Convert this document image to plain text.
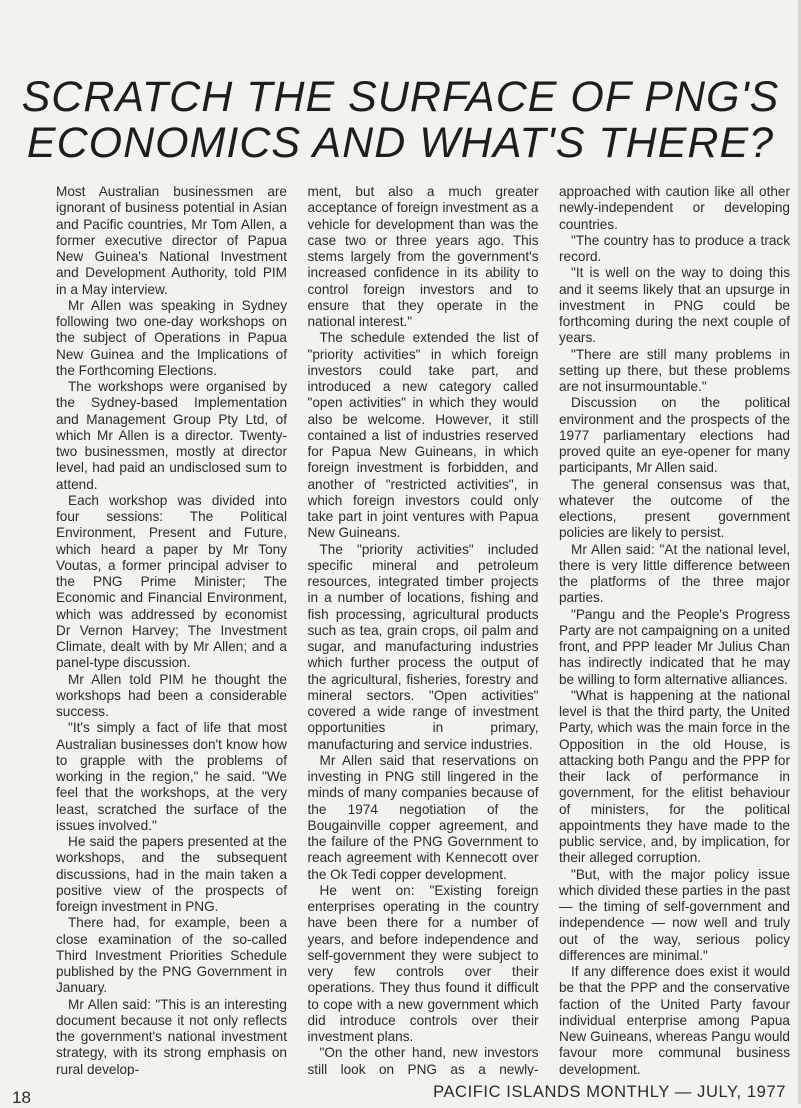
SCRATCH THE SURFACE OF PNG'S
ECONOMICS AND WHAT'S THERE?

Most Australian businessmen are ignorant of business potential in Asian and Pacific countries, Mr Tom Allen, a former executive director of Papua New Guinea's National Investment and Development Authority, told PIM in a May interview.

Mr Allen was speaking in Sydney following two one-day workshops on the subject of Operations in Papua New Guinea and the Implications of the Forthcoming Elections.

The workshops were organised by the Sydney-based Implementation and Management Group Pty Ltd, of which Mr Allen is a director. Twenty-two businessmen, mostly at director level, had paid an undisclosed sum to attend.

Each workshop was divided into four sessions: The Political Environment, Present and Future, which heard a paper by Mr Tony Voutas, a former principal adviser to the PNG Prime Minister; The Economic and Financial Environment, which was addressed by economist Dr Vernon Harvey; The Investment Climate, dealt with by Mr Allen; and a panel-type discussion.

Mr Allen told PIM he thought the workshops had been a considerable success.

"It's simply a fact of life that most Australian businesses don't know how to grapple with the problems of working in the region," he said. "We feel that the workshops, at the very least, scratched the surface of the issues involved."

He said the papers presented at the workshops, and the subsequent discussions, had in the main taken a positive view of the prospects of foreign investment in PNG.

There had, for example, been a close examination of the so-called Third Investment Priorities Schedule published by the PNG Government in January.

Mr Allen said: "This is an interesting document because it not only reflects the government's national investment strategy, with its strong emphasis on rural develop-

ment, but also a much greater acceptance of foreign investment as a vehicle for development than was the case two or three years ago. This stems largely from the government's increased confidence in its ability to control foreign investors and to ensure that they operate in the national interest."

The schedule extended the list of "priority activities" in which foreign investors could take part, and introduced a new category called "open activities" in which they would also be welcome. However, it still contained a list of industries reserved for Papua New Guineans, in which foreign investment is forbidden, and another of "restricted activities", in which foreign investors could only take part in joint ventures with Papua New Guineans.

The "priority activities" included specific mineral and petroleum resources, integrated timber projects in a number of locations, fishing and fish processing, agricultural products such as tea, grain crops, oil palm and sugar, and manufacturing industries which further process the output of the agricultural, fisheries, forestry and mineral sectors. "Open activities" covered a wide range of investment opportunities in primary, manufacturing and service industries.

Mr Allen said that reservations on investing in PNG still lingered in the minds of many companies because of the 1974 negotiation of the Bougainville copper agreement, and the failure of the PNG Government to reach agreement with Kennecott over the Ok Tedi copper development.

He went on: "Existing foreign enterprises operating in the country have been there for a number of years, and before independence and self-government they were subject to very few controls over their operations. They thus found it difficult to cope with a new government which did introduce controls over their investment plans.

"On the other hand, new investors still look on PNG as a newly-

approached with caution like all other newly-independent or developing countries.

"The country has to produce a track record.

"It is well on the way to doing this and it seems likely that an upsurge in investment in PNG could be forthcoming during the next couple of years.

"There are still many problems in setting up there, but these problems are not insurmountable."

Discussion on the political environment and the prospects of the 1977 parliamentary elections had proved quite an eye-opener for many participants, Mr Allen said.

The general consensus was that, whatever the outcome of the elections, present government policies are likely to persist.

Mr Allen said: "At the national level, there is very little difference between the platforms of the three major parties.

"Pangu and the People's Progress Party are not campaigning on a united front, and PPP leader Mr Julius Chan has indirectly indicated that he may be willing to form alternative alliances.

"What is happening at the national level is that the third party, the United Party, which was the main force in the Opposition in the old House, is attacking both Pangu and the PPP for their lack of performance in government, for the elitist behaviour of ministers, for the political appointments they have made to the public service, and, by implication, for their alleged corruption.

"But, with the major policy issue which divided these parties in the past — the timing of self-government and independence — now well and truly out of the way, serious policy differences are minimal."

If any difference does exist it would be that the PPP and the conservative faction of the United Party favour individual enterprise among Papua New Guineans, whereas Pangu would favour more communal business development.

18	PACIFIC ISLANDS MONTHLY — JULY, 1977
